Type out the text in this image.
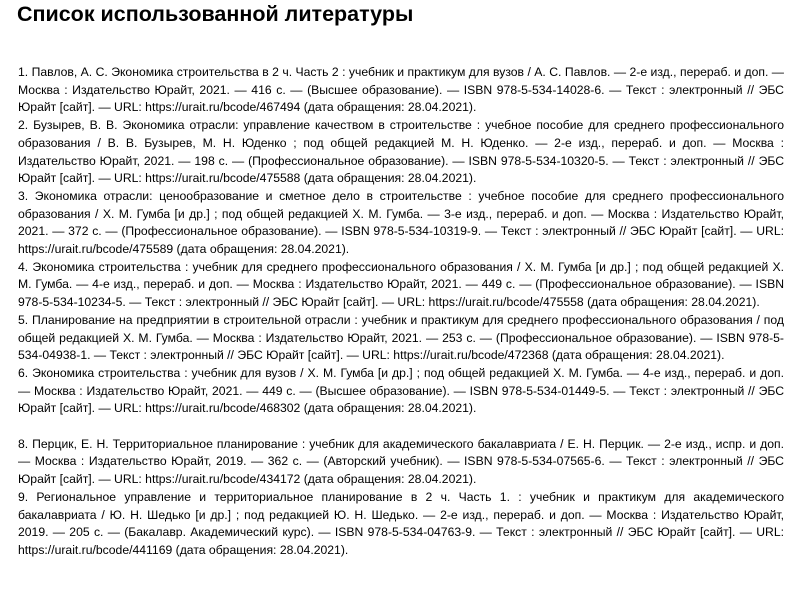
Список использованной литературы
1. Павлов, А. С. Экономика строительства в 2 ч. Часть 2 : учебник и практикум для вузов / А. С. Павлов. — 2-е изд., перераб. и доп. — Москва : Издательство Юрайт, 2021. — 416 с. — (Высшее образование). — ISBN 978-5-534-14028-6. — Текст : электронный // ЭБС Юрайт [сайт]. — URL: https://urait.ru/bcode/467494 (дата обращения: 28.04.2021).
2. Бузырев, В. В. Экономика отрасли: управление качеством в строительстве : учебное пособие для среднего профессионального образования / В. В. Бузырев, М. Н. Юденко ; под общей редакцией М. Н. Юденко. — 2-е изд., перераб. и доп. — Москва : Издательство Юрайт, 2021. — 198 с. — (Профессиональное образование). — ISBN 978-5-534-10320-5. — Текст : электронный // ЭБС Юрайт [сайт]. — URL: https://urait.ru/bcode/475588 (дата обращения: 28.04.2021).
3. Экономика отрасли: ценообразование и сметное дело в строительстве : учебное пособие для среднего профессионального образования / Х. М. Гумба [и др.] ; под общей редакцией Х. М. Гумба. — 3-е изд., перераб. и доп. — Москва : Издательство Юрайт, 2021. — 372 с. — (Профессиональное образование). — ISBN 978-5-534-10319-9. — Текст : электронный // ЭБС Юрайт [сайт]. — URL: https://urait.ru/bcode/475589 (дата обращения: 28.04.2021).
4. Экономика строительства : учебник для среднего профессионального образования / Х. М. Гумба [и др.] ; под общей редакцией Х. М. Гумба. — 4-е изд., перераб. и доп. — Москва : Издательство Юрайт, 2021. — 449 с. — (Профессиональное образование). — ISBN 978-5-534-10234-5. — Текст : электронный // ЭБС Юрайт [сайт]. — URL: https://urait.ru/bcode/475558 (дата обращения: 28.04.2021).
5. Планирование на предприятии в строительной отрасли : учебник и практикум для среднего профессионального образования / под общей редакцией Х. М. Гумба. — Москва : Издательство Юрайт, 2021. — 253 с. — (Профессиональное образование). — ISBN 978-5-534-04938-1. — Текст : электронный // ЭБС Юрайт [сайт]. — URL: https://urait.ru/bcode/472368 (дата обращения: 28.04.2021).
6. Экономика строительства : учебник для вузов / Х. М. Гумба [и др.] ; под общей редакцией Х. М. Гумба. — 4-е изд., перераб. и доп. — Москва : Издательство Юрайт, 2021. — 449 с. — (Высшее образование). — ISBN 978-5-534-01449-5. — Текст : электронный // ЭБС Юрайт [сайт]. — URL: https://urait.ru/bcode/468302 (дата обращения: 28.04.2021).
8. Перцик, Е. Н. Территориальное планирование : учебник для академического бакалавриата / Е. Н. Перцик. — 2-е изд., испр. и доп. — Москва : Издательство Юрайт, 2019. — 362 с. — (Авторский учебник). — ISBN 978-5-534-07565-6. — Текст : электронный // ЭБС Юрайт [сайт]. — URL: https://urait.ru/bcode/434172 (дата обращения: 28.04.2021).
9. Региональное управление и территориальное планирование в 2 ч. Часть 1. : учебник и практикум для академического бакалавриата / Ю. Н. Шедько [и др.] ; под редакцией Ю. Н. Шедько. — 2-е изд., перераб. и доп. — Москва : Издательство Юрайт, 2019. — 205 с. — (Бакалавр. Академический курс). — ISBN 978-5-534-04763-9. — Текст : электронный // ЭБС Юрайт [сайт]. — URL: https://urait.ru/bcode/441169 (дата обращения: 28.04.2021).
